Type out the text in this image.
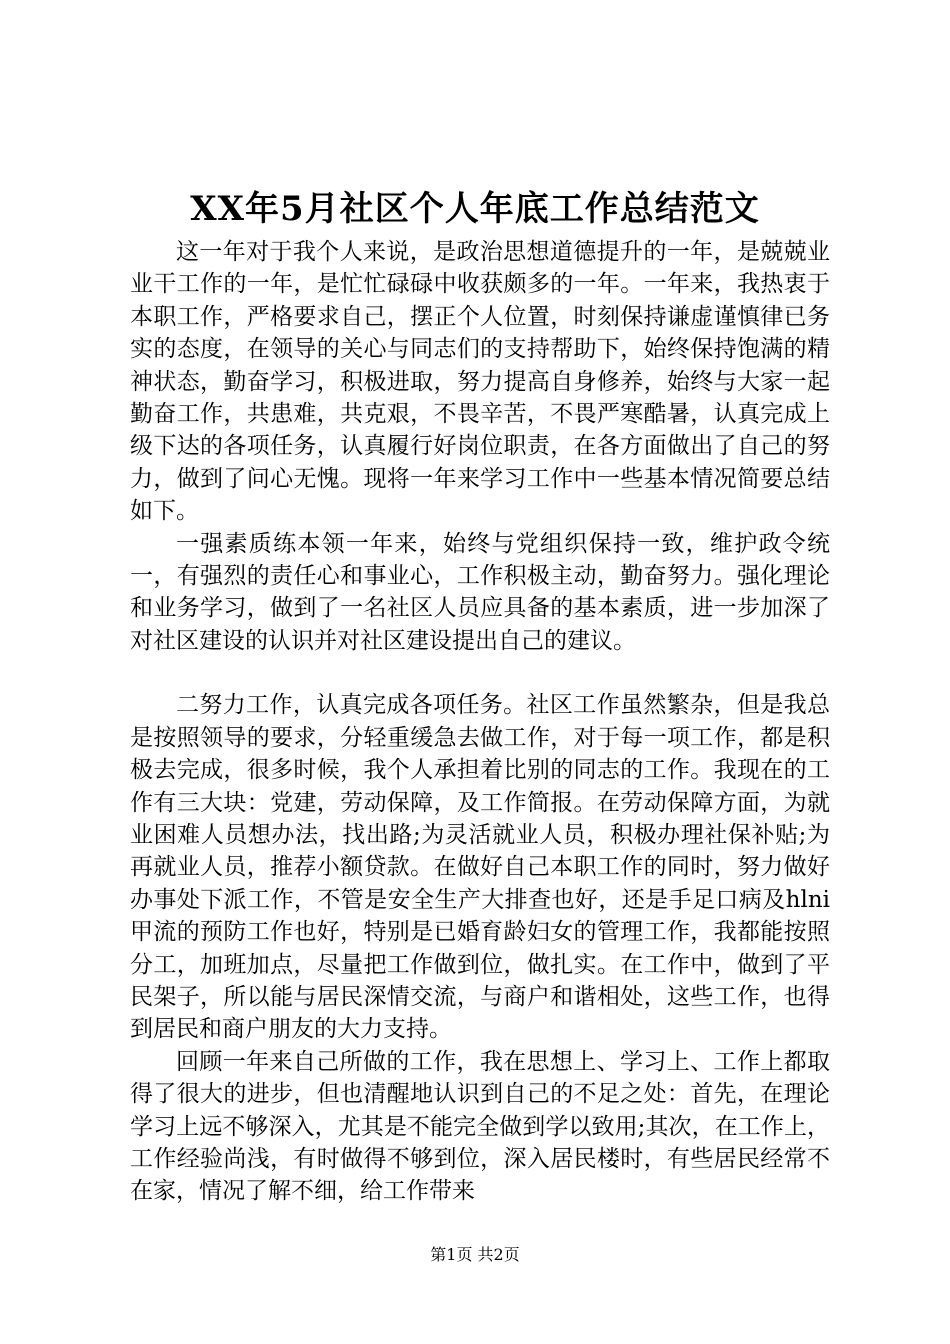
XX年5月社区个人年底工作总结范文

这一年对于我个人来说，是政治思想道德提升的一年，是兢兢业业干工作的一年，是忙忙碌碌中收获颇多的一年。一年来，我热衷于本职工作，严格要求自己，摆正个人位置，时刻保持谦虚谨慎律已务实的态度，在领导的关心与同志们的支持帮助下，始终保持饱满的精神状态，勤奋学习，积极进取，努力提高自身修养，始终与大家一起勤奋工作，共患难，共克艰，不畏辛苦，不畏严寒酷暑，认真完成上级下达的各项任务，认真履行好岗位职责，在各方面做出了自己的努力，做到了问心无愧。现将一年来学习工作中一些基本情况简要总结如下。

一强素质练本领一年来，始终与党组织保持一致，维护政令统一，有强烈的责任心和事业心，工作积极主动，勤奋努力。强化理论和业务学习，做到了一名社区人员应具备的基本素质，进一步加深了对社区建设的认识并对社区建设提出自己的建议。

二努力工作，认真完成各项任务。社区工作虽然繁杂，但是我总是按照领导的要求，分轻重缓急去做工作，对于每一项工作，都是积极去完成，很多时候，我个人承担着比别的同志的工作。我现在的工作有三大块：党建，劳动保障，及工作简报。在劳动保障方面，为就业困难人员想办法，找出路;为灵活就业人员，积极办理社保补贴;为再就业人员，推荐小额贷款。在做好自己本职工作的同时，努力做好办事处下派工作，不管是安全生产大排查也好，还是手足口病及hlni甲流的预防工作也好，特别是已婚育龄妇女的管理工作，我都能按照分工，加班加点，尽量把工作做到位，做扎实。在工作中，做到了平民架子，所以能与居民深情交流，与商户和谐相处，这些工作，也得到居民和商户朋友的大力支持。

回顾一年来自己所做的工作，我在思想上、学习上、工作上都取得了很大的进步，但也清醒地认识到自己的不足之处：首先，在理论学习上远不够深入，尤其是不能完全做到学以致用;其次，在工作上，工作经验尚浅，有时做得不够到位，深入居民楼时，有些居民经常不在家，情况了解不细，给工作带来

第1页 共2页
